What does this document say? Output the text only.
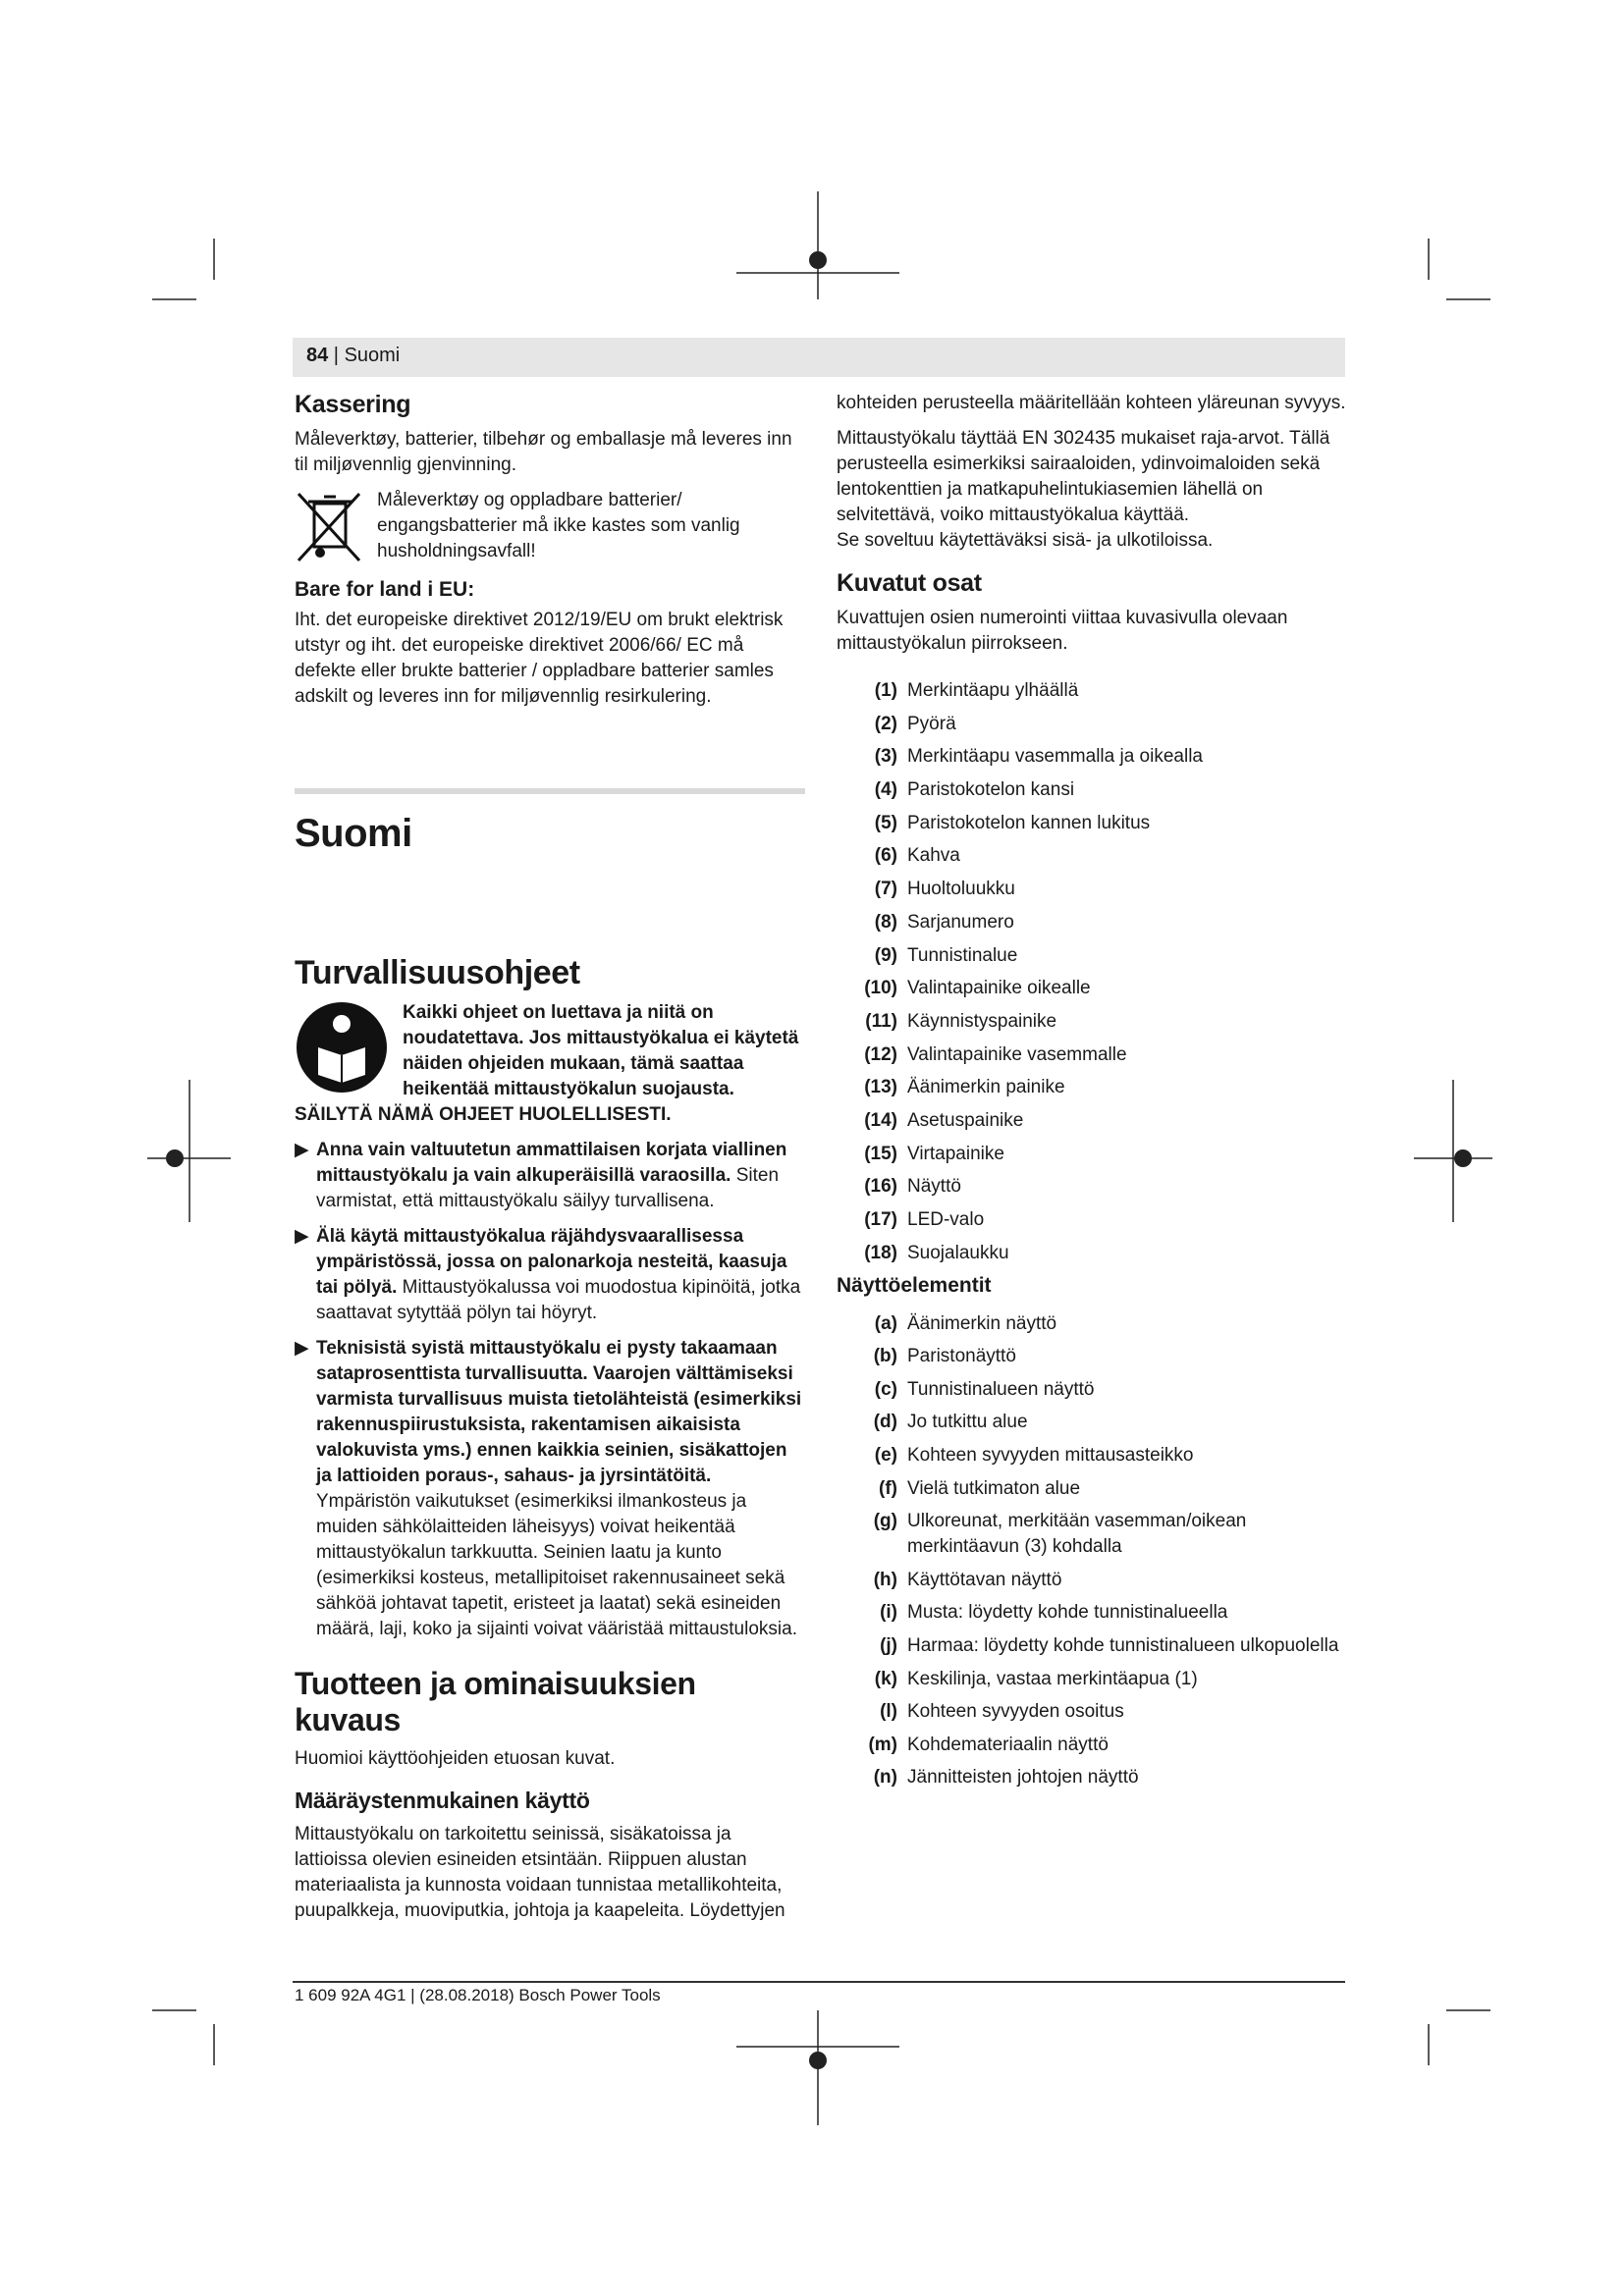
84 | Suomi
Kassering

Måleverktøy, batterier, tilbehør og emballasje må leveres inn til miljøvennlig gjenvinning.

Måleverktøy og oppladbare batterier/ engangsbatterier må ikke kastes som vanlig husholdningsavfall!

Bare for land i EU:

Iht. det europeiske direktivet 2012/19/EU om brukt elektrisk utstyr og iht. det europeiske direktivet 2006/66/ EC må defekte eller brukte batterier / oppladbare batterier samles adskilt og leveres inn for miljøvennlig resirkulering.

Suomi
Turvallisuusohjeet
Kaikki ohjeet on luettava ja niitä on noudatettava. Jos mittaustyökalua ei käytetä näiden ohjeiden mukaan, tämä saattaa heikentää mittaustyökalun suojausta. SÄILYTÄ NÄMÄ OHJEET HUOLELLISESTI.
▶ Anna vain valtuutetun ammattilaisen korjata viallinen mittaustyökalu ja vain alkuperäisillä varaosilla. Siten varmistat, että mittaustyökalu säilyy turvallisena.
▶ Älä käytä mittaustyökalua räjähdysvaarallisessa ympäristössä, jossa on palonarkoja nesteitä, kaasuja tai pölyä. Mittaustyökalussa voi muodostua kipinöitä, jotka saattavat sytyttää pölyn tai höyryt.
▶ Teknisistä syistä mittaustyökalu ei pysty takaamaan sataprosenttista turvallisuutta. Vaarojen välttämiseksi varmista turvallisuus muista tietolähteistä (esimerkiksi rakennuspiirustuksista, rakentamisen aikaisista valokuvista yms.) ennen kaikkia seinien, sisäkattojen ja lattioiden poraus-, sahaus- ja jyrsintätöitä. Ympäristön vaikutukset (esimerkiksi ilmankosteus ja muiden sähkölaitteiden läheisyys) voivat heikentää mittaustyökalun tarkkuutta. Seinien laatu ja kunto (esimerkiksi kosteus, metallipitoiset rakennusaineet sekä sähköä johtavat tapetit, eristeet ja laatat) sekä esineiden määrä, laji, koko ja sijainti voivat vääristää mittaustuloksia.
Tuotteen ja ominaisuuksien kuvaus

Huomioi käyttöohjeiden etuosan kuvat.

Määräystenmukainen käyttö

Mittaustyökalu on tarkoitettu seinissä, sisäkatoissa ja lattioissa olevien esineiden etsintään. Riippuen alustan materiaalista ja kunnosta voidaan tunnistaa metallikohteita, puupalkkeja, muoviputkia, johtoja ja kaapeleita. Löydettyjen

kohteiden perusteella määritellään kohteen yläreunan syvyys.

Mittaustyökalu täyttää EN 302435 mukaiset raja-arvot. Tällä perusteella esimerkiksi sairaaloiden, ydinvoimaloiden sekä lentokenttien ja matkapuhelintukiasemien lähellä on selvitettävä, voiko mittaustyökalua käyttää.

Se soveltuu käytettäväksi sisä- ja ulkotiloissa.

Kuvatut osat

Kuvattujen osien numerointi viittaa kuvasivulla olevaan mittaustyökalun piirrokseen.

(1) Merkintäapu ylhäällä
(2) Pyörä
(3) Merkintäapu vasemmalla ja oikealla
(4) Paristokotelon kansi
(5) Paristokotelon kannen lukitus
(6) Kahva
(7) Huoltoluukku
(8) Sarjanumero
(9) Tunnistinalue
(10) Valintapainike oikealle
(11) Käynnistyspainike
(12) Valintapainike vasemmalle
(13) Äänimerkin painike
(14) Asetuspainike
(15) Virtapainike
(16) Näyttö
(17) LED-valo
(18) Suojalaukku
Näyttöelementit
(a) Äänimerkin näyttö
(b) Paristonäyttö
(c) Tunnistinalueen näyttö
(d) Jo tutkittu alue
(e) Kohteen syvyyden mittausasteikko
(f) Vielä tutkimaton alue
(g) Ulkoreunat, merkitään vasemman/oikean merkintäavun (3) kohdalla
(h) Käyttötavan näyttö
(i) Musta: löydetty kohde tunnistinalueella
(j) Harmaa: löydetty kohde tunnistinalueen ulkopuolella
(k) Keskilinja, vastaa merkintäapua (1)
(l) Kohteen syvyyden osoitus
(m) Kohdemateriaalin näyttö
(n) Jännitteisten johtojen näyttö
1 609 92A 4G1 | (28.08.2018) Bosch Power Tools
